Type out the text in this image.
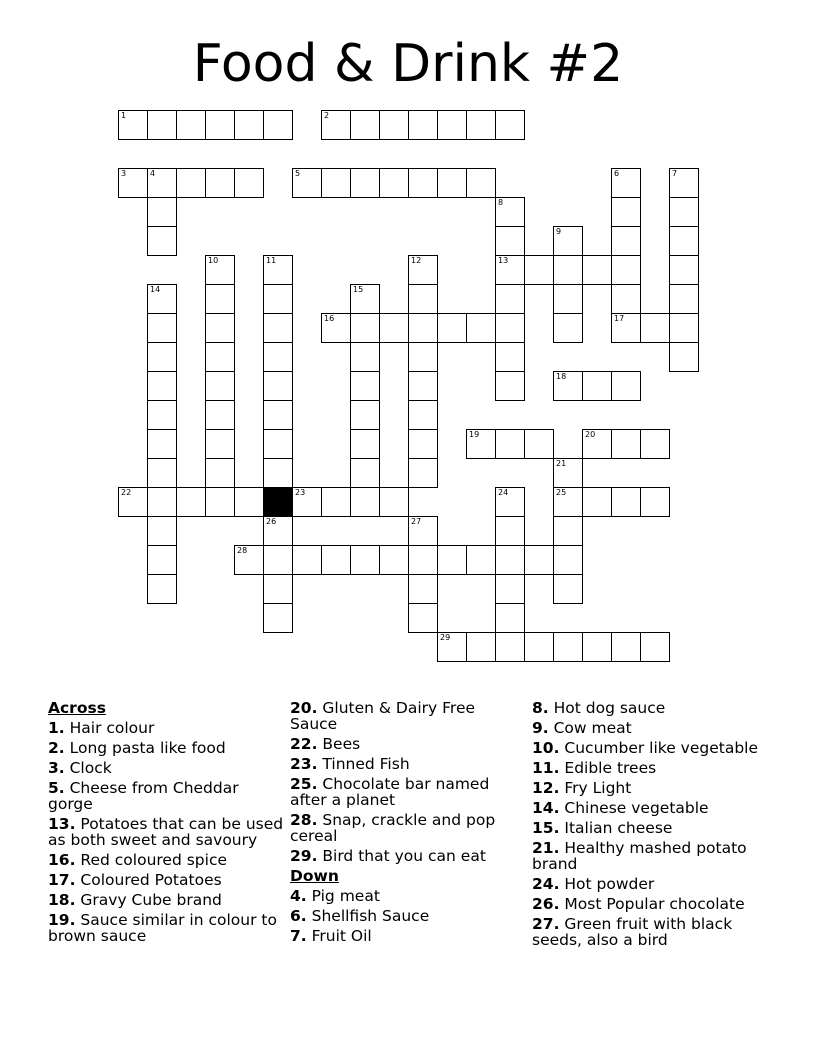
Food & Drink #2
1	2
3	4	5	6	7
8
9
10	11	12	13
14	15
16	17
18
19	20
21
22	23	24	25
26	27
28
29
Across
1. Hair colour
2. Long pasta like food
3. Clock
5. Cheese from Cheddar gorge
13. Potatoes that can be used as both sweet and savoury
16. Red coloured spice
17. Coloured Potatoes
18. Gravy Cube brand
19. Sauce similar in colour to brown sauce
20. Gluten & Dairy Free Sauce
22. Bees
23. Tinned Fish
25. Chocolate bar named after a planet
28. Snap, crackle and pop cereal
29. Bird that you can eat
Down
4. Pig meat
6. Shellfish Sauce
7. Fruit Oil
8. Hot dog sauce
9. Cow meat
10. Cucumber like vegetable
11. Edible trees
12. Fry Light
14. Chinese vegetable
15. Italian cheese
21. Healthy mashed potato brand
24. Hot powder
26. Most Popular chocolate
27. Green fruit with black seeds, also a bird
